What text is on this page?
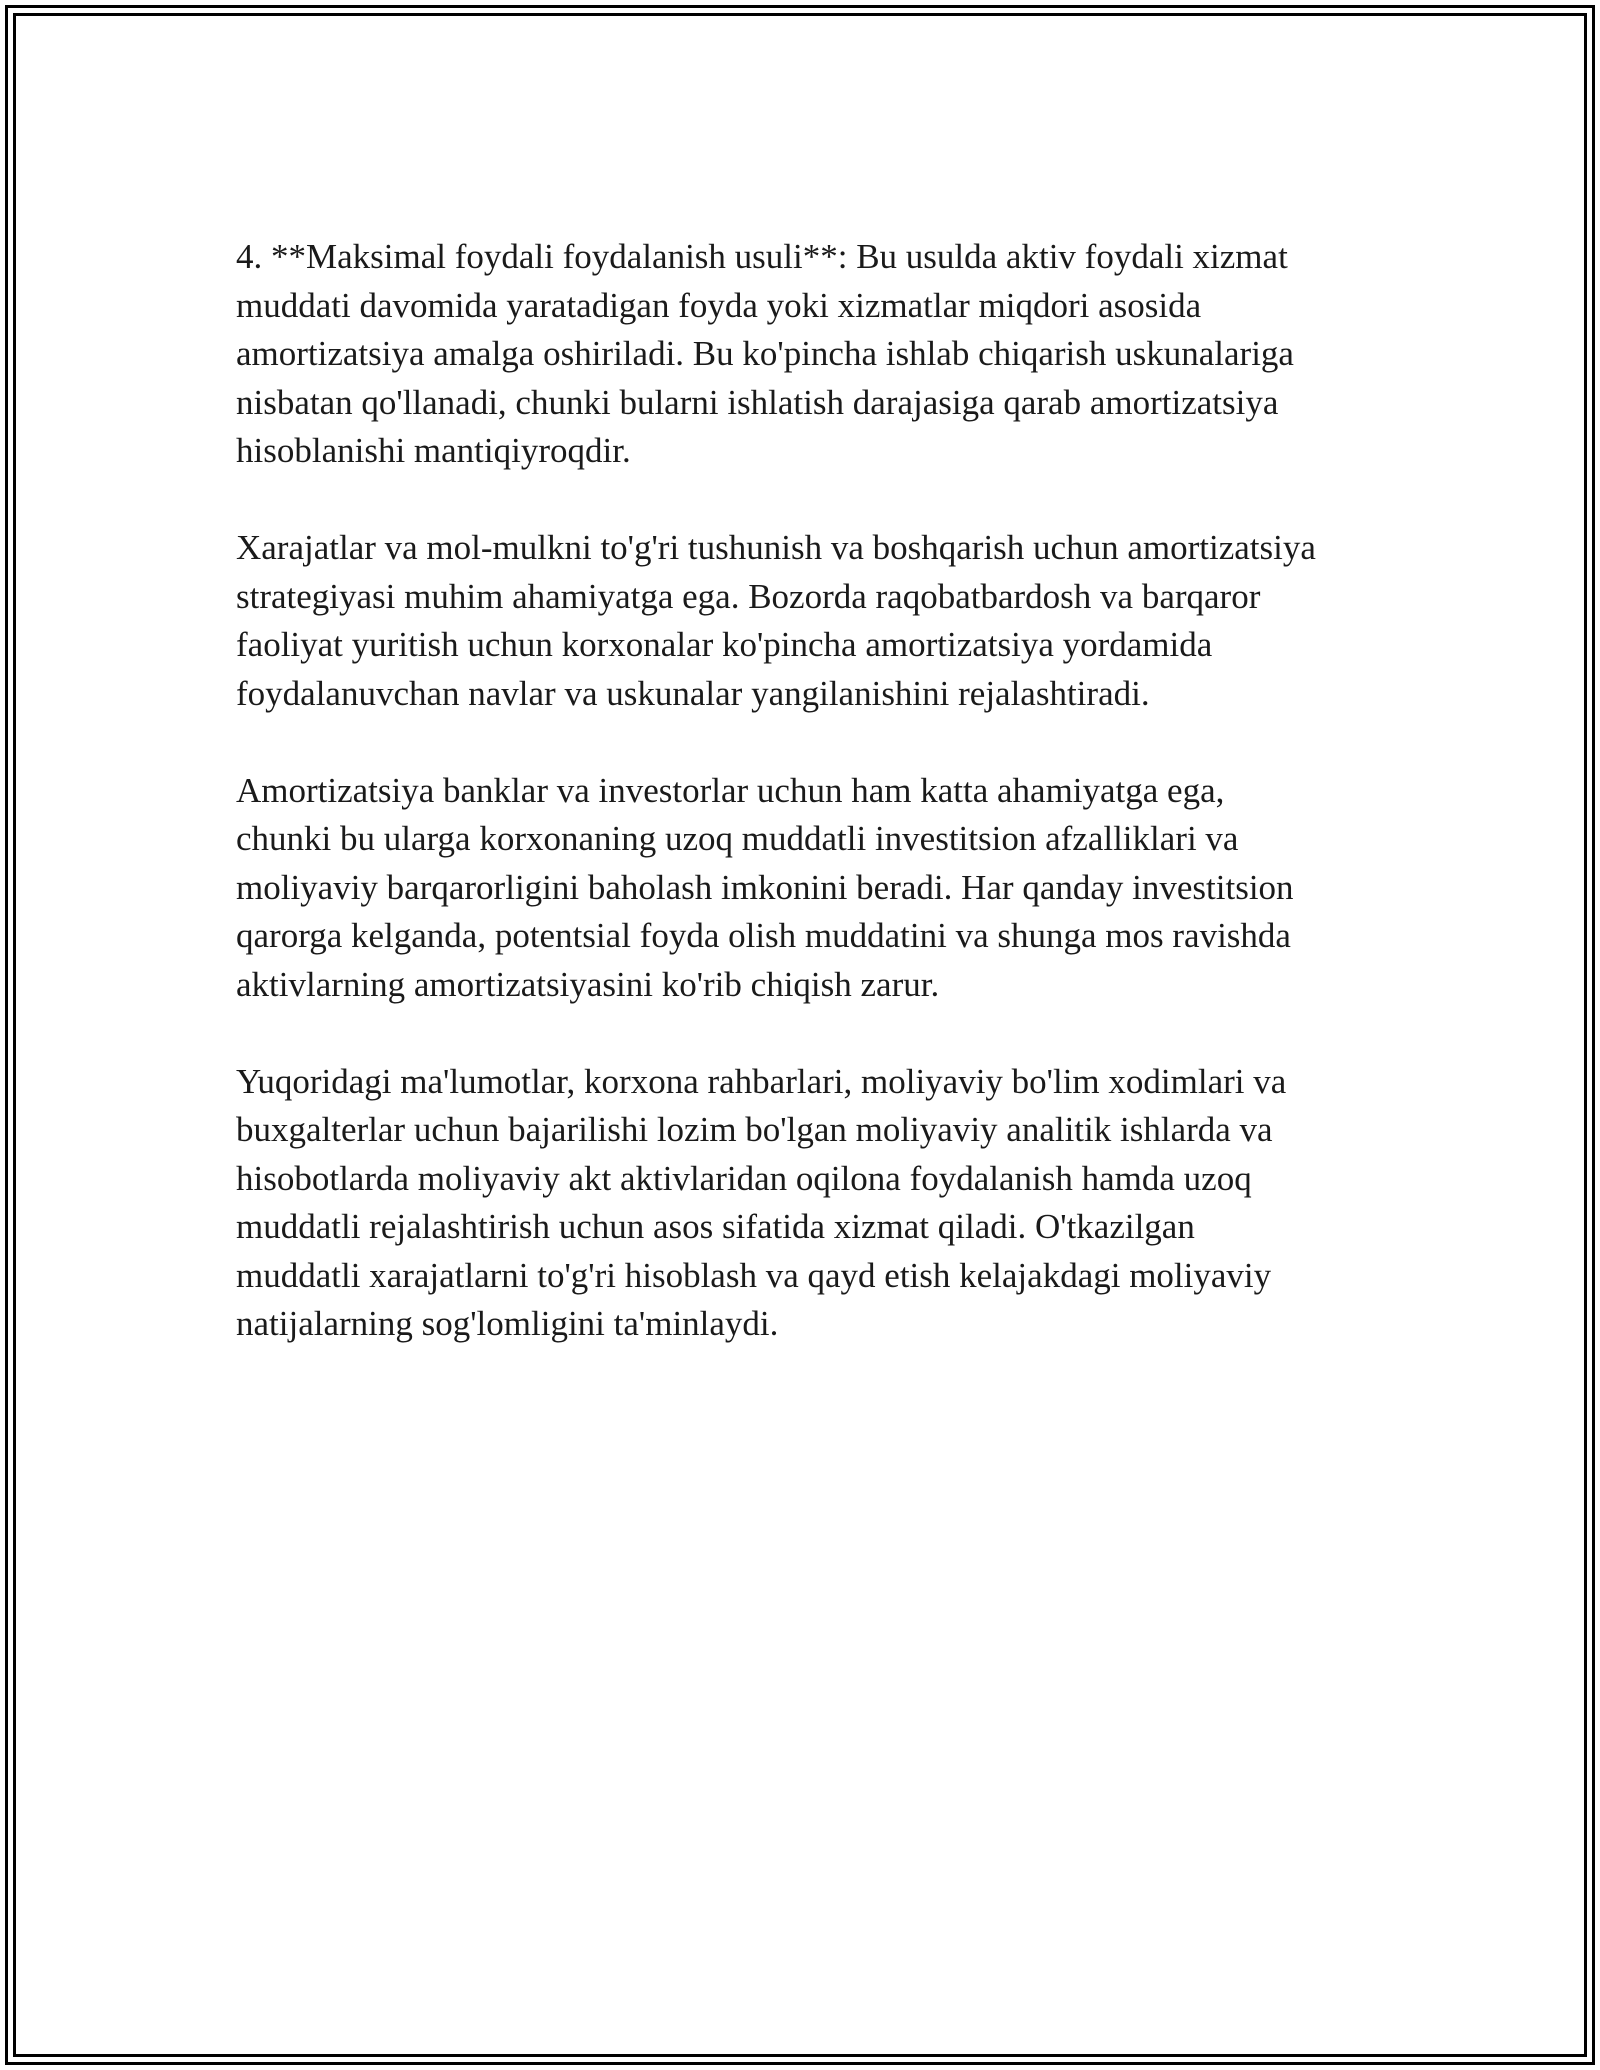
4. **Maksimal foydali foydalanish usuli**: Bu usulda aktiv foydali xizmat
muddati davomida yaratadigan foyda yoki xizmatlar miqdori asosida
amortizatsiya amalga oshiriladi. Bu ko'pincha ishlab chiqarish uskunalariga
nisbatan qo'llanadi, chunki bularni ishlatish darajasiga qarab amortizatsiya
hisoblanishi mantiqiyroqdir.

Xarajatlar va mol-mulkni to'g'ri tushunish va boshqarish uchun amortizatsiya
strategiyasi muhim ahamiyatga ega. Bozorda raqobatbardosh va barqaror
faoliyat yuritish uchun korxonalar ko'pincha amortizatsiya yordamida
foydalanuvchan navlar va uskunalar yangilanishini rejalashtiradi.

Amortizatsiya banklar va investorlar uchun ham katta ahamiyatga ega,
chunki bu ularga korxonaning uzoq muddatli investitsion afzalliklari va
moliyaviy barqarorligini baholash imkonini beradi. Har qanday investitsion
qarorga kelganda, potentsial foyda olish muddatini va shunga mos ravishda
aktivlarning amortizatsiyasini ko'rib chiqish zarur.

Yuqoridagi ma'lumotlar, korxona rahbarlari, moliyaviy bo'lim xodimlari va
buxgalterlar uchun bajarilishi lozim bo'lgan moliyaviy analitik ishlarda va
hisobotlarda moliyaviy akt aktivlaridan oqilona foydalanish hamda uzoq
muddatli rejalashtirish uchun asos sifatida xizmat qiladi. O'tkazilgan
muddatli xarajatlarni to'g'ri hisoblash va qayd etish kelajakdagi moliyaviy
natijalarning sog'lomligini ta'minlaydi.
